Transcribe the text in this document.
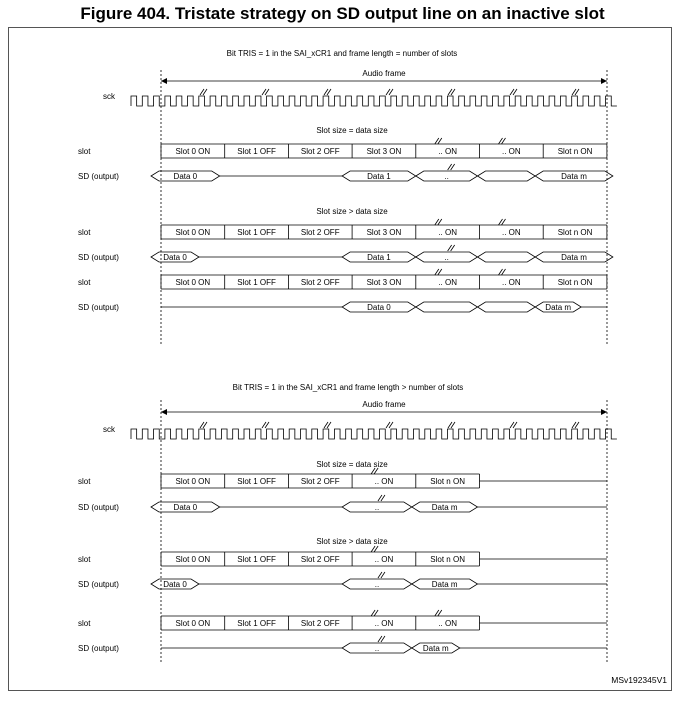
Figure 404. Tristate strategy on SD output line on an inactive slot
Bit TRIS = 1 in the SAI_xCR1 and frame length = number of slots
Audio frame
sck
Slot size = data size
slot	Slot 0 ON	Slot 1 OFF	Slot 2 OFF	Slot 3 ON	.. ON	.. ON	Slot n ON
SD (output)	Data 0	Data 1	..	Data m
Slot size > data size
slot	Slot 0 ON	Slot 1 OFF	Slot 2 OFF	Slot 3 ON	.. ON	.. ON	Slot n ON
SD (output)	Data 0	Data 1	..	Data m
slot	Slot 0 ON	Slot 1 OFF	Slot 2 OFF	Slot 3 ON	.. ON	.. ON	Slot n ON
SD (output)	Data 0	Data m
Bit TRIS = 1 in the SAI_xCR1 and frame length > number of slots
Audio frame
sck
Slot size = data size
slot	Slot 0 ON	Slot 1 OFF	Slot 2 OFF	.. ON	Slot n ON
SD (output)	Data 0	..	Data m
Slot size > data size
slot	Slot 0 ON	Slot 1 OFF	Slot 2 OFF	.. ON	Slot n ON
SD (output)	Data 0	..	Data m
slot	Slot 0 ON	Slot 1 OFF	Slot 2 OFF	.. ON	.. ON
SD (output)	..	Data m
MSv192345V1
